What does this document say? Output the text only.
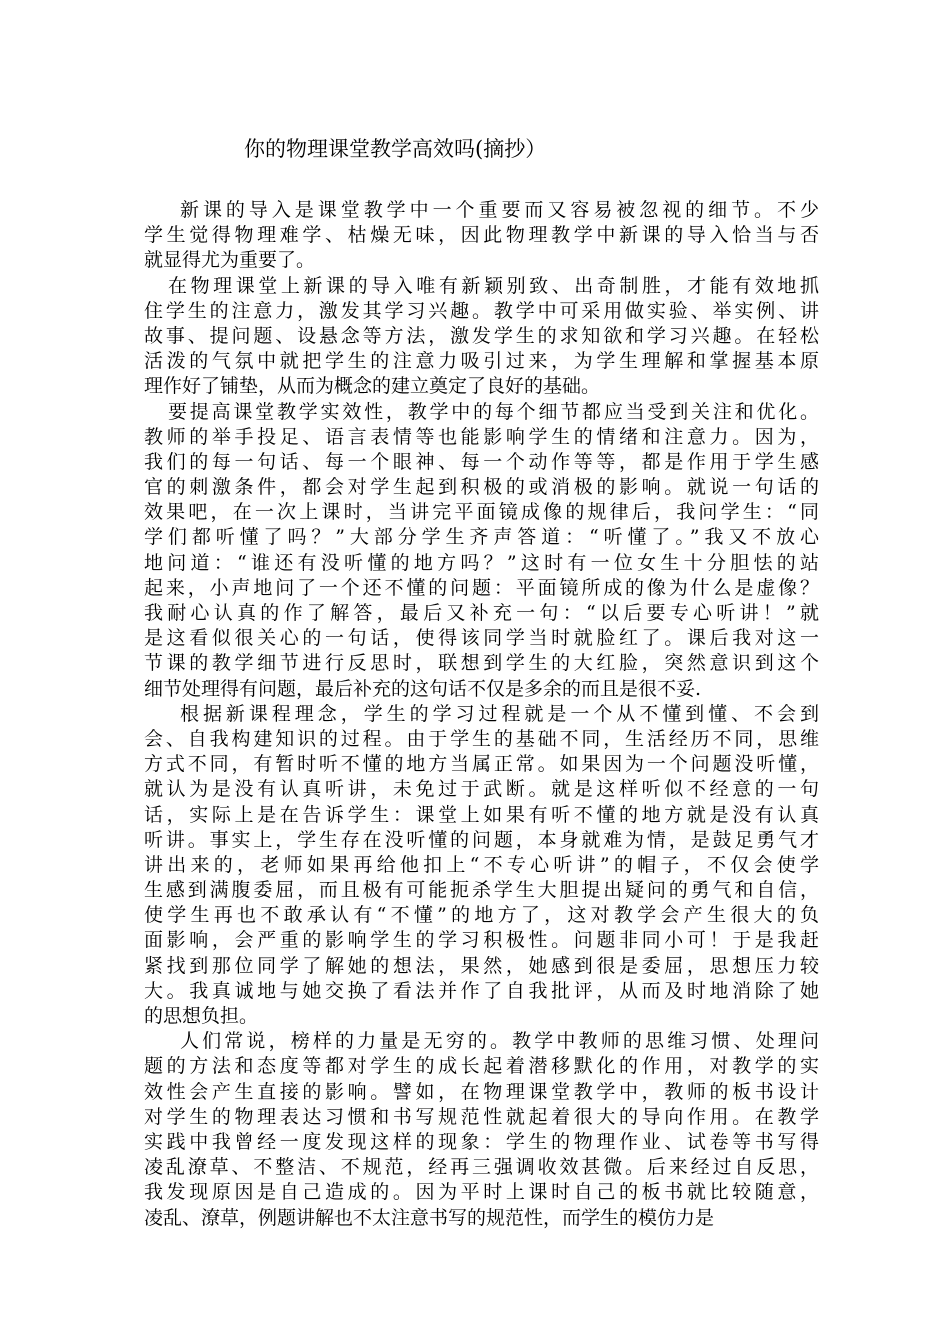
你的物理课堂教学高效吗(摘抄）
新课的导入是课堂教学中一个重要而又容易被忽视的细节。不少
学生觉得物理难学、枯燥无味，因此物理教学中新课的导入恰当与否
就显得尤为重要了。
在物理课堂上新课的导入唯有新颖别致、出奇制胜，才能有效地抓
住学生的注意力，激发其学习兴趣。教学中可采用做实验、举实例、讲
故事、提问题、设悬念等方法，激发学生的求知欲和学习兴趣。在轻松
活泼的气氛中就把学生的注意力吸引过来，为学生理解和掌握基本原
理作好了铺垫，从而为概念的建立奠定了良好的基础。
要提高课堂教学实效性，教学中的每个细节都应当受到关注和优化。
教师的举手投足、语言表情等也能影响学生的情绪和注意力。因为，
我们的每一句话、每一个眼神、每一个动作等等，都是作用于学生感
官的刺激条件，都会对学生起到积极的或消极的影响。就说一句话的
效果吧，在一次上课时，当讲完平面镜成像的规律后，我问学生：“同
学们都听懂了吗？”大部分学生齐声答道：“听懂了。”我又不放心
地问道：“谁还有没听懂的地方吗？”这时有一位女生十分胆怯的站
起来，小声地问了一个还不懂的问题：平面镜所成的像为什么是虚像？
我耐心认真的作了解答，最后又补充一句：“以后要专心听讲！”就
是这看似很关心的一句话，使得该同学当时就脸红了。课后我对这一
节课的教学细节进行反思时，联想到学生的大红脸，突然意识到这个
细节处理得有问题，最后补充的这句话不仅是多余的而且是很不妥.
根据新课程理念，学生的学习过程就是一个从不懂到懂、不会到
会、自我构建知识的过程。由于学生的基础不同，生活经历不同，思维
方式不同，有暂时听不懂的地方当属正常。如果因为一个问题没听懂，
就认为是没有认真听讲，未免过于武断。就是这样听似不经意的一句
话，实际上是在告诉学生：课堂上如果有听不懂的地方就是没有认真
听讲。事实上，学生存在没听懂的问题，本身就难为情，是鼓足勇气才
讲出来的，老师如果再给他扣上“不专心听讲”的帽子，不仅会使学
生感到满腹委屈，而且极有可能扼杀学生大胆提出疑问的勇气和自信，
使学生再也不敢承认有“不懂”的地方了，这对教学会产生很大的负
面影响，会严重的影响学生的学习积极性。问题非同小可！于是我赶
紧找到那位同学了解她的想法，果然，她感到很是委屈，思想压力较
大。我真诚地与她交换了看法并作了自我批评，从而及时地消除了她
的思想负担。
人们常说，榜样的力量是无穷的。教学中教师的思维习惯、处理问
题的方法和态度等都对学生的成长起着潜移默化的作用，对教学的实
效性会产生直接的影响。譬如，在物理课堂教学中，教师的板书设计
对学生的物理表达习惯和书写规范性就起着很大的导向作用。在教学
实践中我曾经一度发现这样的现象：学生的物理作业、试卷等书写得
凌乱潦草、不整洁、不规范，经再三强调收效甚微。后来经过自反思，
我发现原因是自己造成的。因为平时上课时自己的板书就比较随意，
凌乱、潦草，例题讲解也不太注意书写的规范性，而学生的模仿力是
